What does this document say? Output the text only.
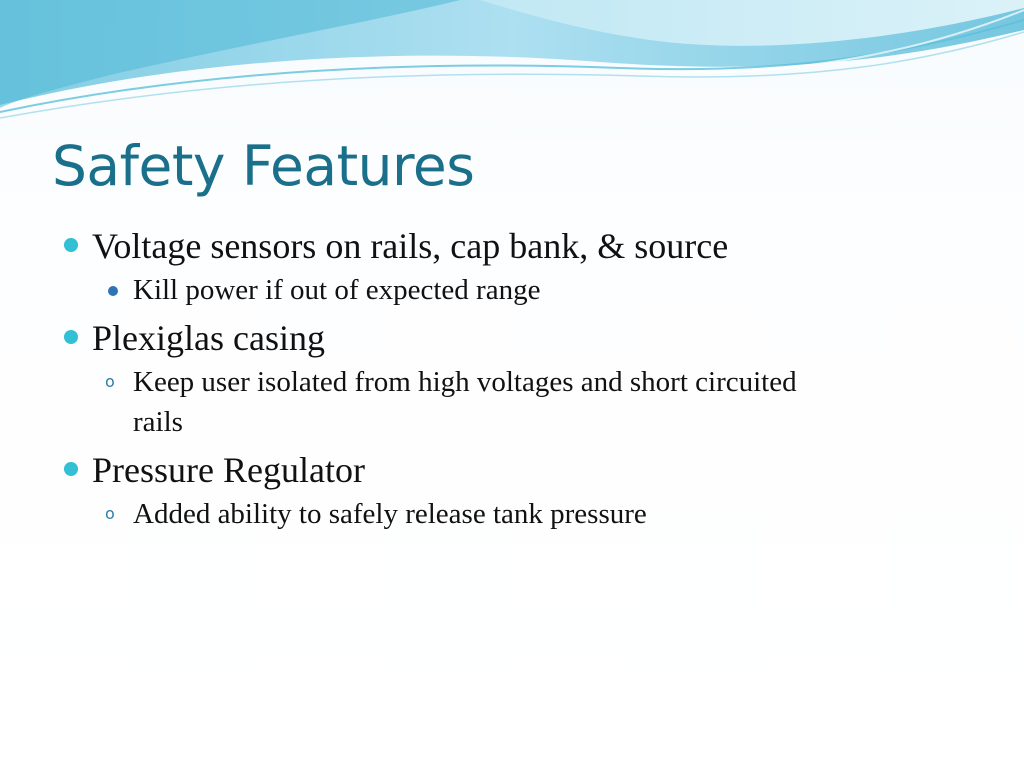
Safety Features
Voltage sensors on rails, cap bank, & source
Kill power if out of expected range
Plexiglas casing
o Keep user isolated from high voltages and short circuited rails
Pressure Regulator
o Added ability to safely release tank pressure
